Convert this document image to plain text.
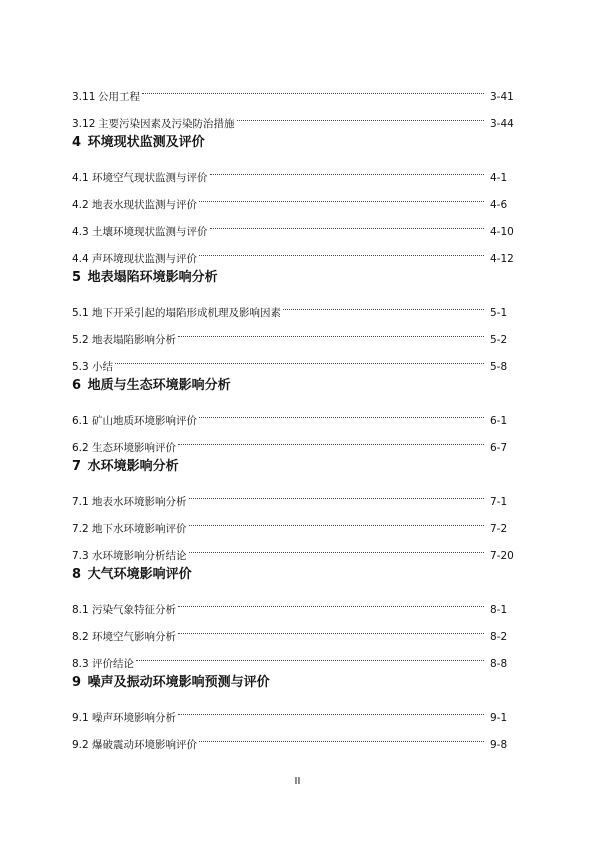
3.11 公用工程	3-41
3.12 主要污染因素及污染防治措施	3-44
4 环境现状监测及评价
4.1 环境空气现状监测与评价	4-1
4.2 地表水现状监测与评价	4-6
4.3 土壤环境现状监测与评价	4-10
4.4 声环境现状监测与评价	4-12
5 地表塌陷环境影响分析
5.1 地下开采引起的塌陷形成机理及影响因素	5-1
5.2 地表塌陷影响分析	5-2
5.3 小结	5-8
6 地质与生态环境影响分析
6.1 矿山地质环境影响评价	6-1
6.2 生态环境影响评价	6-7
7 水环境影响分析
7.1 地表水环境影响分析	7-1
7.2 地下水环境影响评价	7-2
7.3 水环境影响分析结论	7-20
8 大气环境影响评价
8.1 污染气象特征分析	8-1
8.2 环境空气影响分析	8-2
8.3 评价结论	8-8
9 噪声及振动环境影响预测与评价
9.1 噪声环境影响分析	9-1
9.2 爆破震动环境影响评价	9-8
II
